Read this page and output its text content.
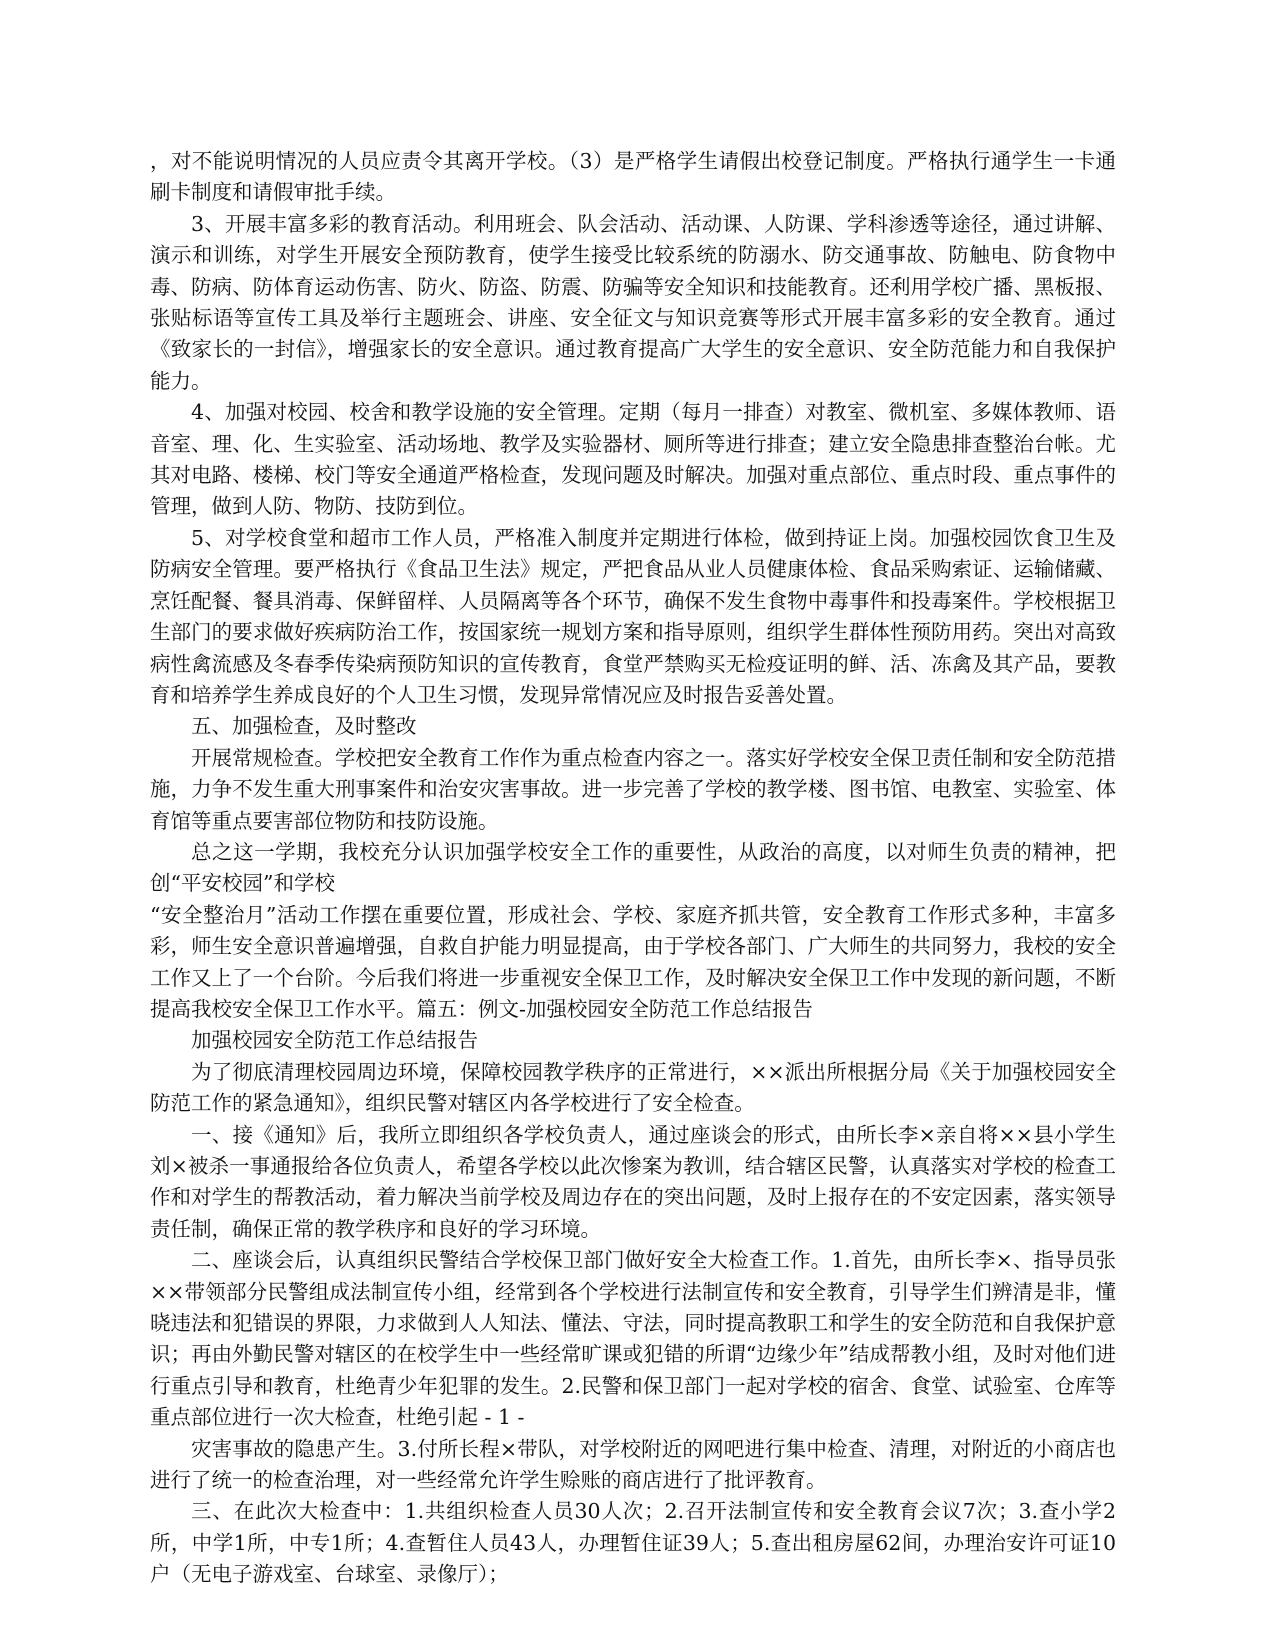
，对不能说明情况的人员应责令其离开学校。（3）是严格学生请假出校登记制度。严格执行通学生一卡通刷卡制度和请假审批手续。

3、开展丰富多彩的教育活动。利用班会、队会活动、活动课、人防课、学科渗透等途径，通过讲解、演示和训练，对学生开展安全预防教育，使学生接受比较系统的防溺水、防交通事故、防触电、防食物中毒、防病、防体育运动伤害、防火、防盗、防震、防骗等安全知识和技能教育。还利用学校广播、黑板报、张贴标语等宣传工具及举行主题班会、讲座、安全征文与知识竞赛等形式开展丰富多彩的安全教育。通过《致家长的一封信》，增强家长的安全意识。通过教育提高广大学生的安全意识、安全防范能力和自我保护能力。

4、加强对校园、校舍和教学设施的安全管理。定期（每月一排查）对教室、微机室、多媒体教师、语音室、理、化、生实验室、活动场地、教学及实验器材、厕所等进行排查；建立安全隐患排查整治台帐。尤其对电路、楼梯、校门等安全通道严格检查，发现问题及时解决。加强对重点部位、重点时段、重点事件的管理，做到人防、物防、技防到位。

5、对学校食堂和超市工作人员，严格准入制度并定期进行体检，做到持证上岗。加强校园饮食卫生及防病安全管理。要严格执行《食品卫生法》规定，严把食品从业人员健康体检、食品采购索证、运输储藏、烹饪配餐、餐具消毒、保鲜留样、人员隔离等各个环节，确保不发生食物中毒事件和投毒案件。学校根据卫生部门的要求做好疾病防治工作，按国家统一规划方案和指导原则，组织学生群体性预防用药。突出对高致病性禽流感及冬春季传染病预防知识的宣传教育，食堂严禁购买无检疫证明的鲜、活、冻禽及其产品，要教育和培养学生养成良好的个人卫生习惯，发现异常情况应及时报告妥善处置。

五、加强检查，及时整改

开展常规检查。学校把安全教育工作作为重点检查内容之一。落实好学校安全保卫责任制和安全防范措施，力争不发生重大刑事案件和治安灾害事故。进一步完善了学校的教学楼、图书馆、电教室、实验室、体育馆等重点要害部位物防和技防设施。

总之这一学期，我校充分认识加强学校安全工作的重要性，从政治的高度，以对师生负责的精神，把创“平安校园”和学校

“安全整治月”活动工作摆在重要位置，形成社会、学校、家庭齐抓共管，安全教育工作形式多种，丰富多彩，师生安全意识普遍增强，自救自护能力明显提高，由于学校各部门、广大师生的共同努力，我校的安全工作又上了一个台阶。今后我们将进一步重视安全保卫工作，及时解决安全保卫工作中发现的新问题，不断提高我校安全保卫工作水平。篇五：例文-加强校园安全防范工作总结报告

加强校园安全防范工作总结报告

为了彻底清理校园周边环境，保障校园教学秩序的正常进行，××派出所根据分局《关于加强校园安全防范工作的紧急通知》，组织民警对辖区内各学校进行了安全检查。

一、接《通知》后，我所立即组织各学校负责人，通过座谈会的形式，由所长李×亲自将××县小学生刘×被杀一事通报给各位负责人，希望各学校以此次惨案为教训，结合辖区民警，认真落实对学校的检查工作和对学生的帮教活动，着力解决当前学校及周边存在的突出问题，及时上报存在的不安定因素，落实领导责任制，确保正常的教学秩序和良好的学习环境。

二、座谈会后，认真组织民警结合学校保卫部门做好安全大检查工作。1.首先，由所长李×、指导员张××带领部分民警组成法制宣传小组，经常到各个学校进行法制宣传和安全教育，引导学生们辨清是非，懂晓违法和犯错误的界限，力求做到人人知法、懂法、守法，同时提高教职工和学生的安全防范和自我保护意识；再由外勤民警对辖区的在校学生中一些经常旷课或犯错的所谓“边缘少年”结成帮教小组，及时对他们进行重点引导和教育，杜绝青少年犯罪的发生。2.民警和保卫部门一起对学校的宿舍、食堂、试验室、仓库等重点部位进行一次大检查，杜绝引起 - 1 -

灾害事故的隐患产生。3.付所长程×带队，对学校附近的网吧进行集中检查、清理，对附近的小商店也进行了统一的检查治理，对一些经常允许学生赊账的商店进行了批评教育。

三、在此次大检查中：1.共组织检查人员30人次；2.召开法制宣传和安全教育会议7次；3.查小学2所，中学1所，中专1所；4.查暂住人员43人，办理暂住证39人；5.查出租房屋62间，办理治安许可证10户（无电子游戏室、台球室、录像厅）；
